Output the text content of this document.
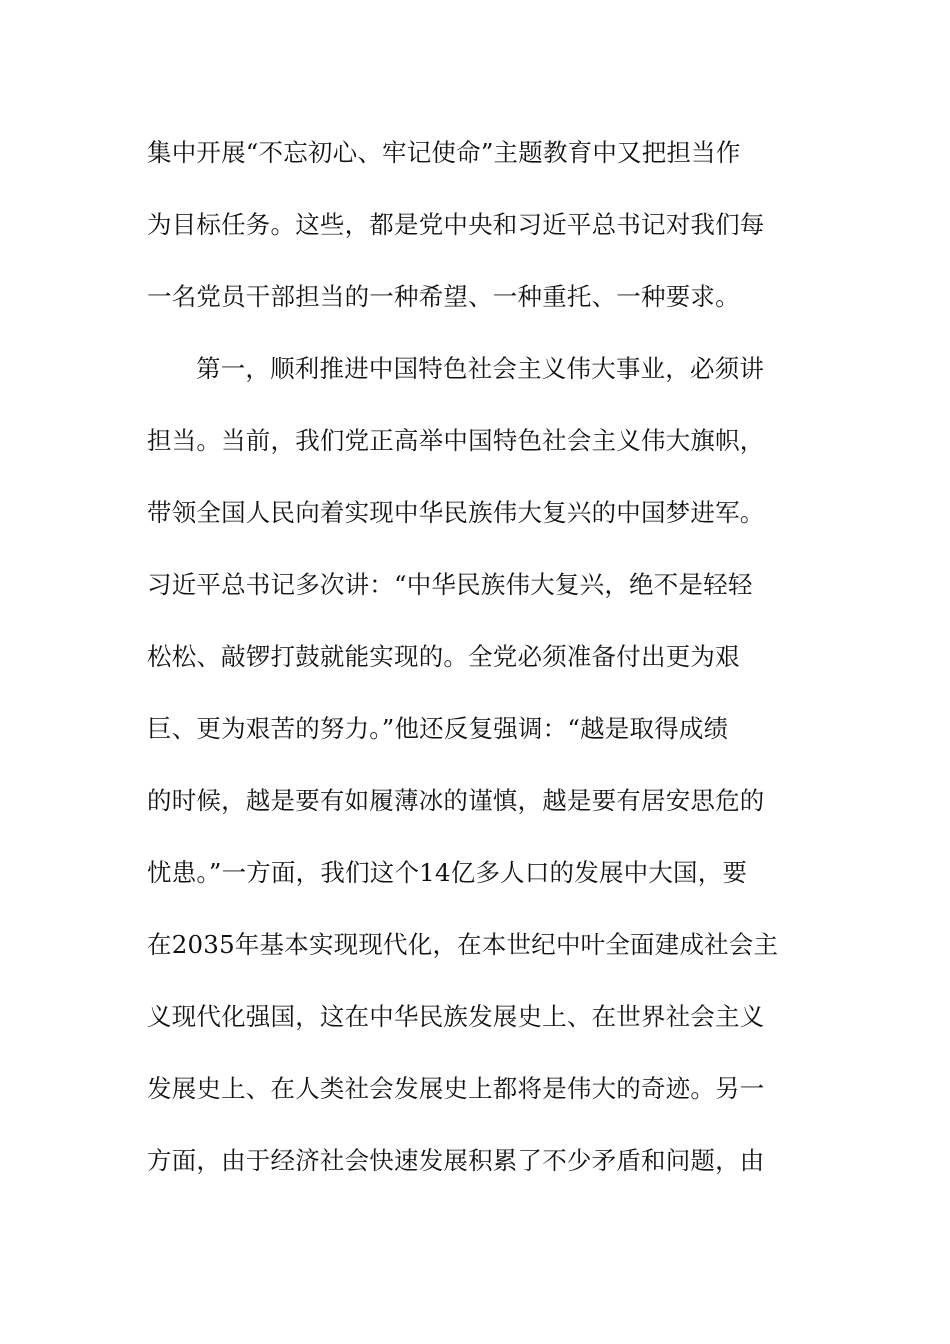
集中开展“不忘初心、牢记使命”主题教育中又把担当作
为目标任务。这些，都是党中央和习近平总书记对我们每
一名党员干部担当的一种希望、一种重托、一种要求。
第一，顺利推进中国特色社会主义伟大事业，必须讲
担当。当前，我们党正高举中国特色社会主义伟大旗帜，
带领全国人民向着实现中华民族伟大复兴的中国梦进军。
习近平总书记多次讲：“中华民族伟大复兴，绝不是轻轻
松松、敲锣打鼓就能实现的。全党必须准备付出更为艰
巨、更为艰苦的努力。”他还反复强调：“越是取得成绩
的时候，越是要有如履薄冰的谨慎，越是要有居安思危的
忧患。”一方面，我们这个14亿多人口的发展中大国，要
在2035年基本实现现代化，在本世纪中叶全面建成社会主
义现代化强国，这在中华民族发展史上、在世界社会主义
发展史上、在人类社会发展史上都将是伟大的奇迹。另一
方面，由于经济社会快速发展积累了不少矛盾和问题，由
